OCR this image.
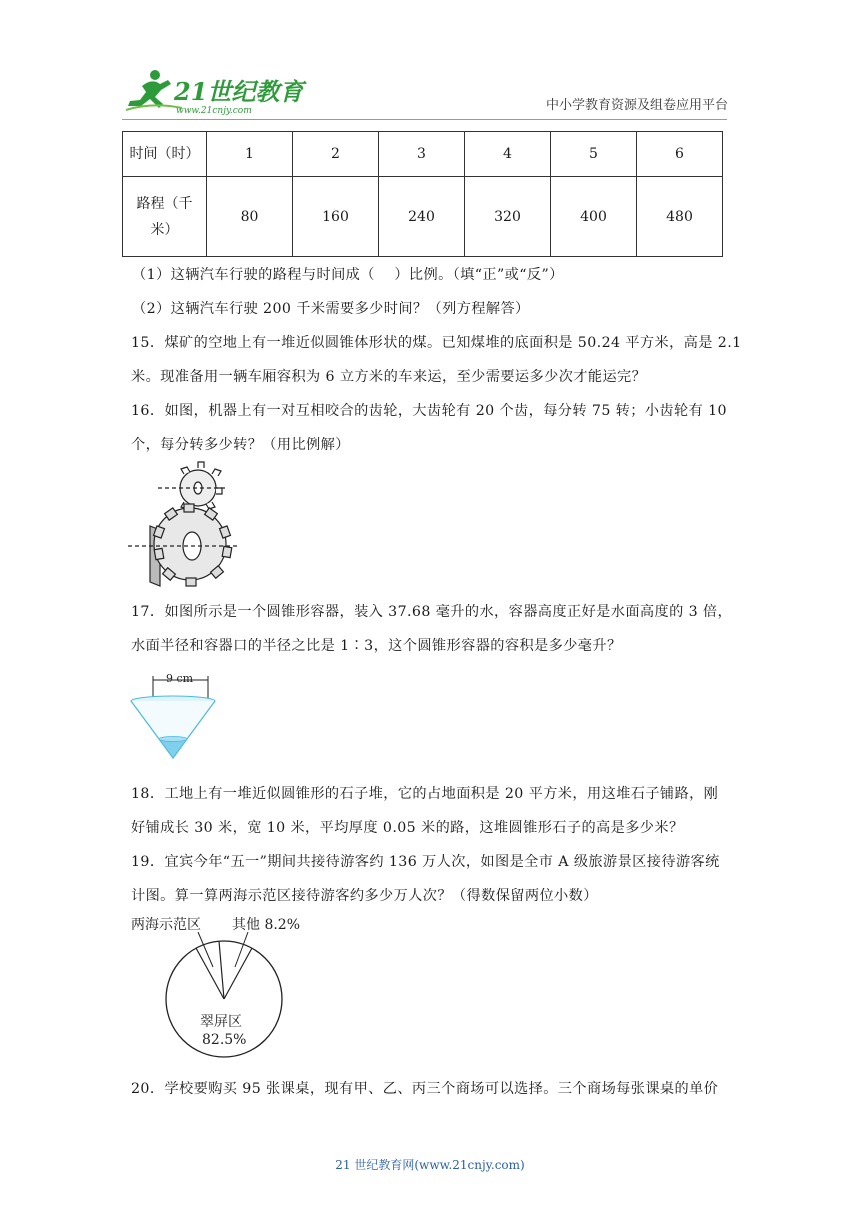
21世纪教育
www.21cnjy.com	中小学教育资源及组卷应用平台
时间（时）	1	2	3	4	5	6

路程（千
米）	80	160	240	320	400	480
（1）这辆汽车行驶的路程与时间成（　 ）比例。（填“正”或“反”）
（2）这辆汽车行驶 200 千米需要多少时间？（列方程解答）
15．煤矿的空地上有一堆近似圆锥体形状的煤。已知煤堆的底面积是 50.24 平方米，高是 2.1
米。现准备用一辆车厢容积为 6 立方米的车来运，至少需要运多少次才能运完？
16．如图，机器上有一对互相咬合的齿轮，大齿轮有 20 个齿，每分转 75 转；小齿轮有 10
个，每分转多少转？（用比例解）
17．如图所示是一个圆锥形容器，装入 37.68 毫升的水，容器高度正好是水面高度的 3 倍，
水面半径和容器口的半径之比是 1∶3，这个圆锥形容器的容积是多少毫升？
9 cm
18．工地上有一堆近似圆锥形的石子堆，它的占地面积是 20 平方米，用这堆石子铺路，刚
好铺成长 30 米，宽 10 米，平均厚度 0.05 米的路，这堆圆锥形石子的高是多少米？
19．宜宾今年“五一”期间共接待游客约 136 万人次，如图是全市 A 级旅游景区接待游客统
计图。算一算两海示范区接待游客约多少万人次？（得数保留两位小数）
两海示范区 其他 8.2%
翠屏区
82.5%
20．学校要购买 95 张课桌，现有甲、乙、丙三个商场可以选择。三个商场每张课桌的单价
21 世纪教育网(www.21cnjy.com)
